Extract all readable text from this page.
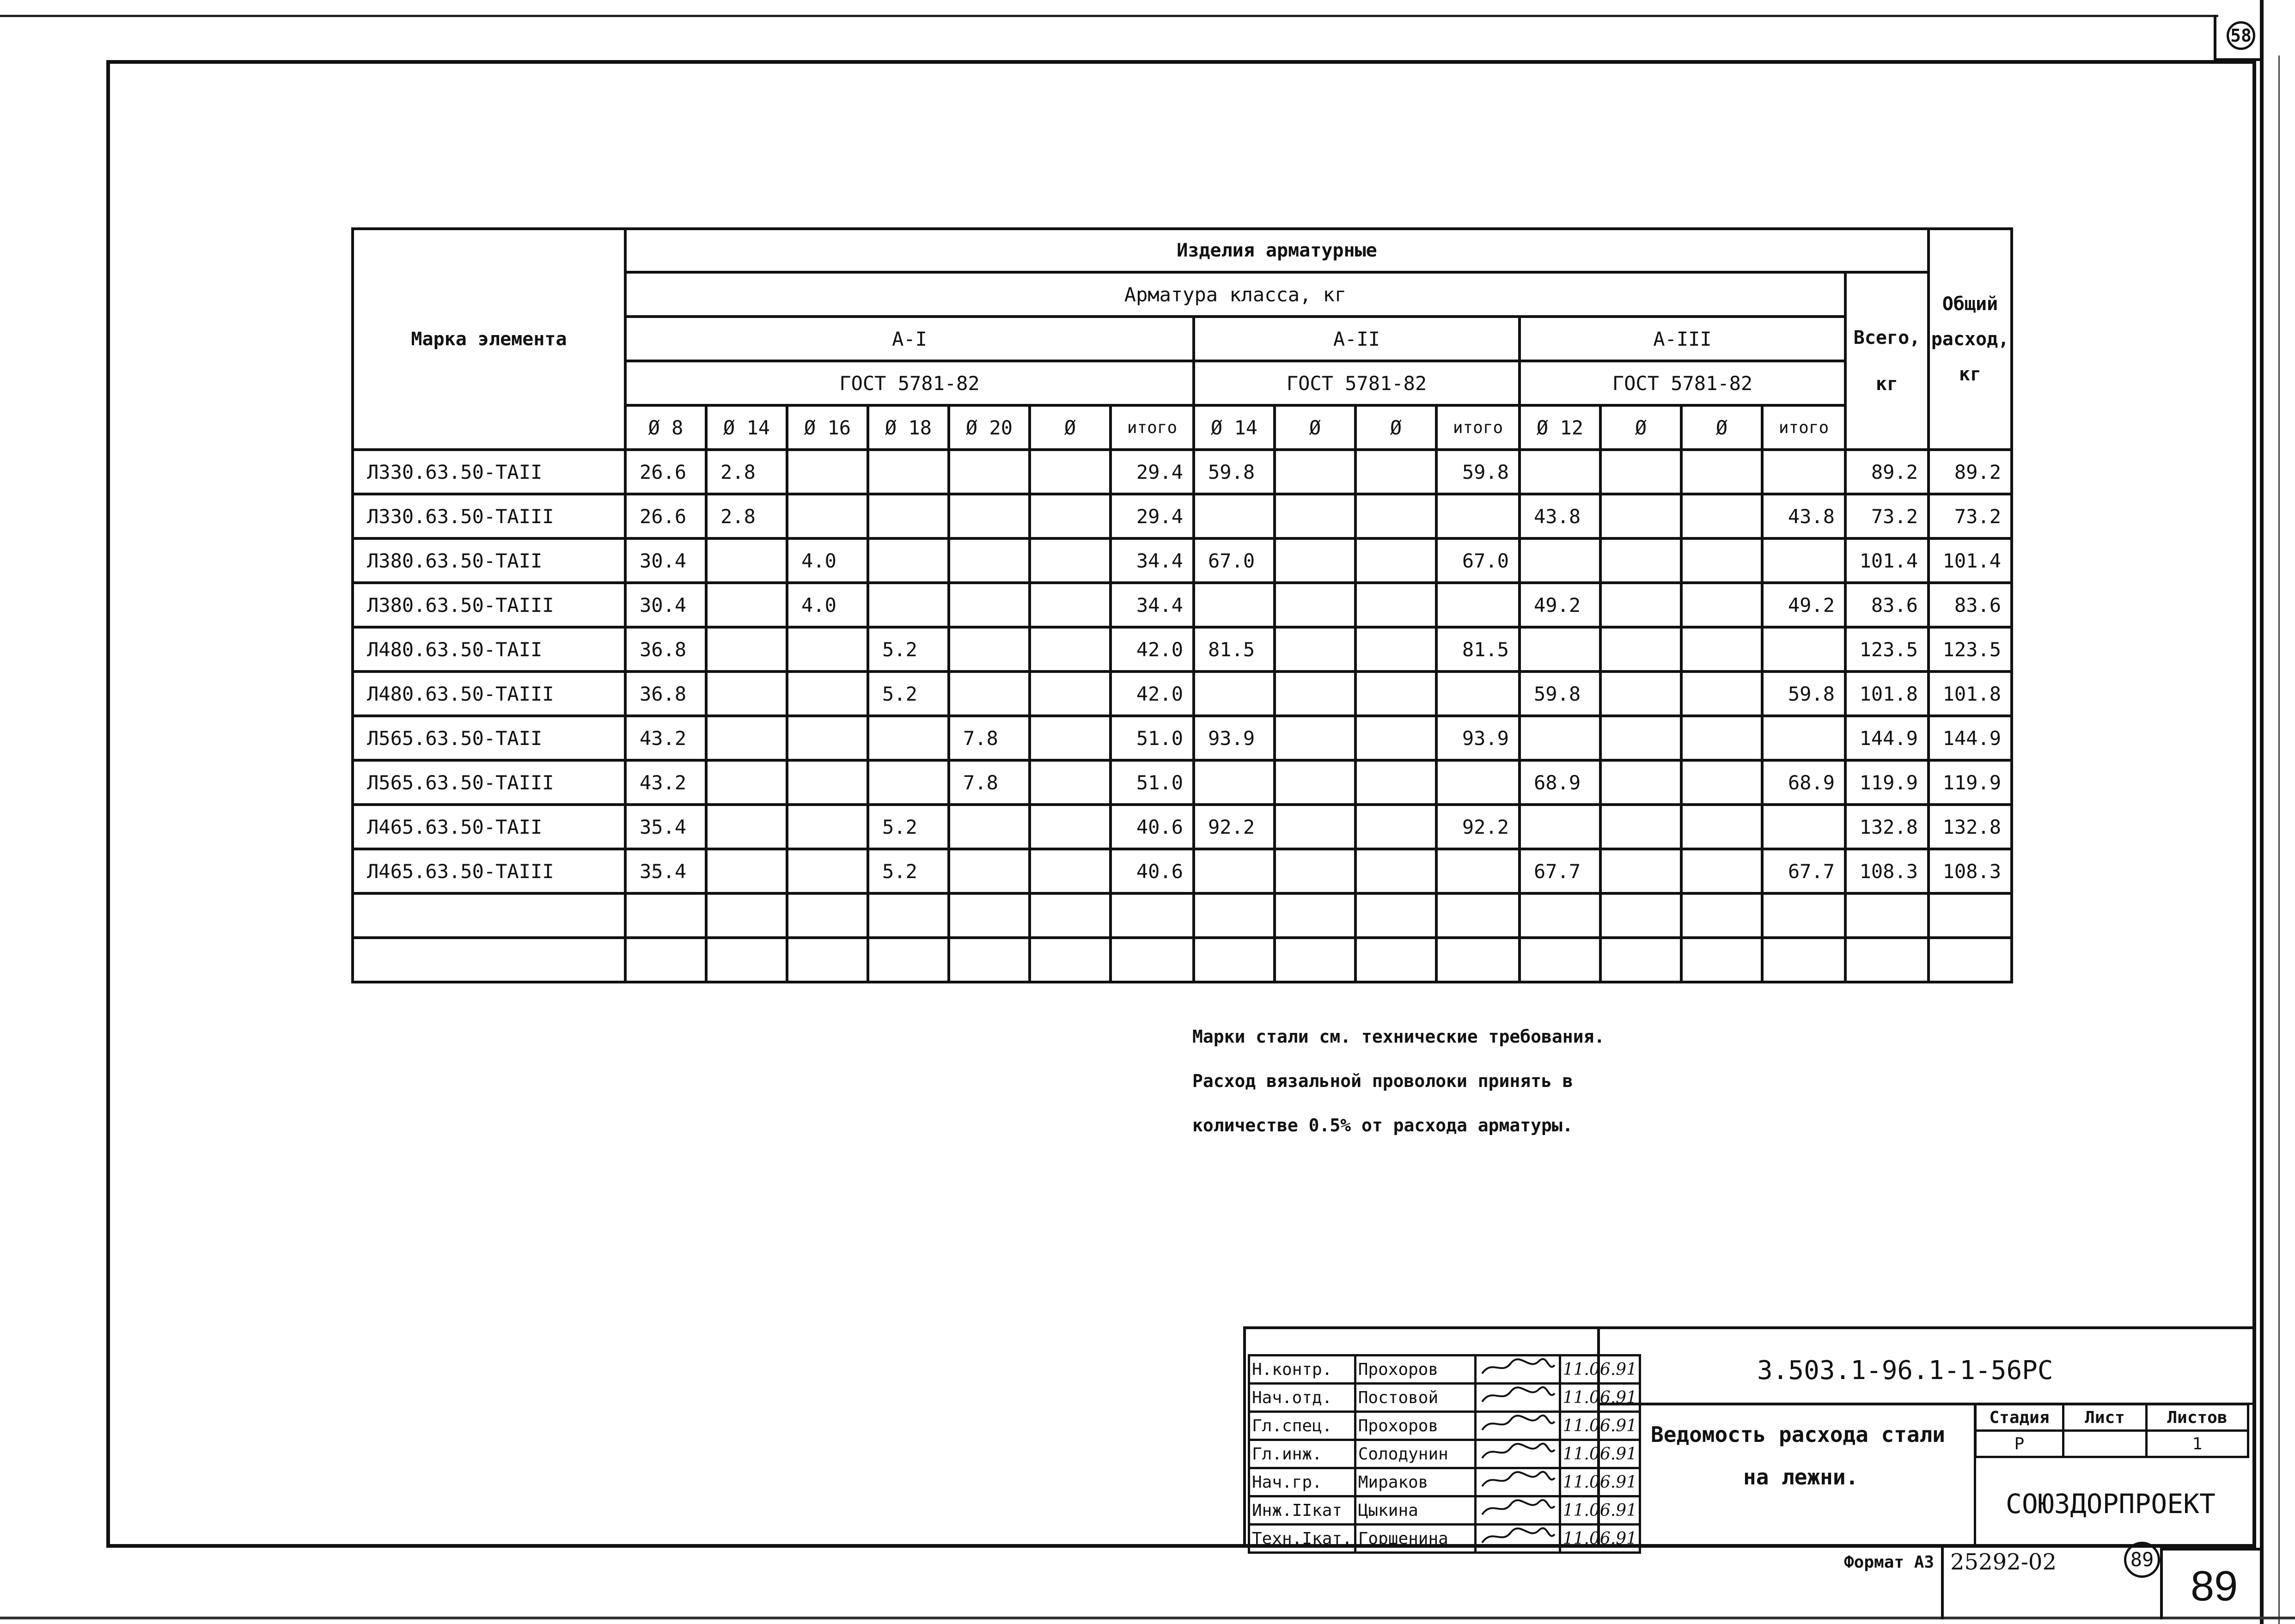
58
Марка элемента	Изделия арматурные																Общий
расход,
кг

	Арматура класса, кг															Всего,
кг	

	А-I							А-II				А-III					
	ГОСТ 5781-82							ГОСТ 5781-82				ГОСТ 5781-82					
	Ø 8	Ø 14	Ø 16	Ø 18	Ø 20	Ø	итого	Ø 14	Ø	Ø	итого	Ø 12	Ø	Ø	итого		
Л330.63.50-ТАII	26.6	2.8					29.4	59.8			59.8					89.2	89.2
Л330.63.50-ТАIII	26.6	2.8					29.4					43.8			43.8	73.2	73.2
Л380.63.50-ТАII	30.4		4.0				34.4	67.0			67.0					101.4	101.4
Л380.63.50-ТАIII	30.4		4.0				34.4					49.2			49.2	83.6	83.6
Л480.63.50-ТАII	36.8			5.2			42.0	81.5			81.5					123.5	123.5
Л480.63.50-ТАIII	36.8			5.2			42.0					59.8			59.8	101.8	101.8
Л565.63.50-ТАII	43.2				7.8		51.0	93.9			93.9					144.9	144.9
Л565.63.50-ТАIII	43.2				7.8		51.0					68.9			68.9	119.9	119.9
Л465.63.50-ТАII	35.4			5.2			40.6	92.2			92.2					132.8	132.8
Л465.63.50-ТАIII	35.4			5.2			40.6					67.7			67.7	108.3	108.3

Марки стали см. технические требования.
Расход вязальной проволоки принять в
количестве 0.5% от расхода арматуры.
Н.контр.	Прохоров		11.06.91
Нач.отд.	Постовой		11.06.91
Гл.спец.	Прохоров		11.06.91
Гл.инж.	Солодунин		11.06.91
Нач.гр.	Мираков		11.06.91
Инж.IIкат	Цыкина		11.06.91
Техн.Iкат.	Горшенина		11.06.91
3.503.1-96.1-1-56РС
Ведомость расхода стали
на лежни.
Стадия	Лист	Листов
Р		1
СОЮЗДОРПРОЕКТ
Формат А3 25292-02	89
89
